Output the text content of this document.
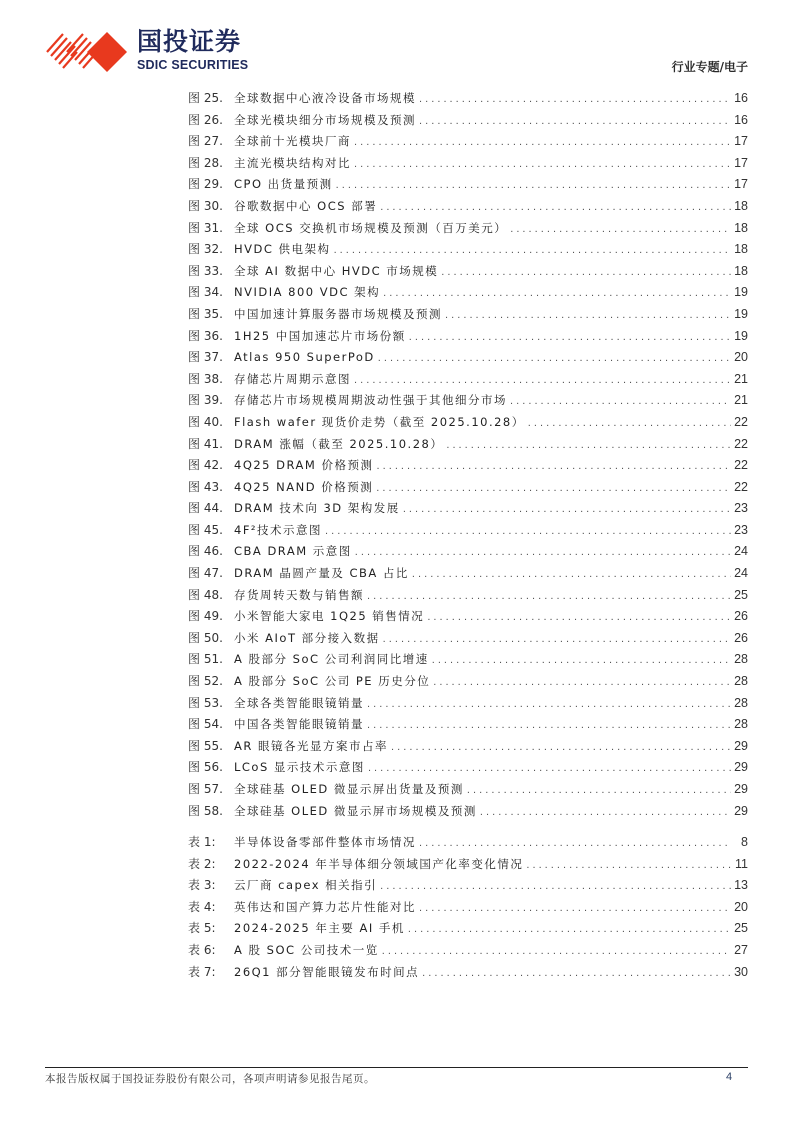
国投证券
SDIC SECURITIES	行业专题/电子
图 25. 全球数据中心液冷设备市场规模 . . .	16
图 26. 全球光模块细分市场规模及预测 . . .	16
图 27. 全球前十光模块厂商 . . .	17
图 28. 主流光模块结构对比 . . .	17
图 29. CPO 出货量预测 . . .	17
图 30. 谷歌数据中心 OCS 部署 . . .	18
图 31. 全球 OCS 交换机市场规模及预测（百万美元） . . .	18
图 32. HVDC 供电架构 . . .	18
图 33. 全球 AI 数据中心 HVDC 市场规模 . . .	18
图 34. NVIDIA 800 VDC 架构 . . .	19
图 35. 中国加速计算服务器市场规模及预测 . . .	19
图 36. 1H25 中国加速芯片市场份额 . . .	19
图 37. Atlas 950 SuperPoD . . .	20
图 38. 存储芯片周期示意图 . . .	21
图 39. 存储芯片市场规模周期波动性强于其他细分市场 . . .	21
图 40. Flash wafer 现货价走势（截至 2025.10.28） . . .	22
图 41. DRAM 涨幅（截至 2025.10.28） . . .	22
图 42. 4Q25 DRAM 价格预测 . . .	22
图 43. 4Q25 NAND 价格预测 . . .	22
图 44. DRAM 技术向 3D 架构发展 . . .	23
图 45. 4F²技术示意图 . . .	23
图 46. CBA DRAM 示意图 . . .	24
图 47. DRAM 晶圆产量及 CBA 占比 . . .	24
图 48. 存货周转天数与销售额 . . .	25
图 49. 小米智能大家电 1Q25 销售情况 . . .	26
图 50. 小米 AIoT 部分接入数据 . . .	26
图 51. A 股部分 SoC 公司利润同比增速 . . .	28
图 52. A 股部分 SoC 公司 PE 历史分位 . . .	28
图 53. 全球各类智能眼镜销量 . . .	28
图 54. 中国各类智能眼镜销量 . . .	28
图 55. AR 眼镜各光显方案市占率 . . .	29
图 56. LCoS 显示技术示意图 . . .	29
图 57. 全球硅基 OLED 微显示屏出货量及预测 . . .	29
图 58. 全球硅基 OLED 微显示屏市场规模及预测 . . .	29
表 1:	半导体设备零部件整体市场情况 . . .	8
表 2:	2022-2024 年半导体细分领域国产化率变化情况 . . .	11
表 3:	云厂商 capex 相关指引 . . .	13
表 4:	英伟达和国产算力芯片性能对比 . . .	20
表 5:	2024-2025 年主要 AI 手机 . . .	25
表 6:	A 股 SOC 公司技术一览 . . .	27
表 7:	26Q1 部分智能眼镜发布时间点 . . .	30
本报告版权属于国投证券股份有限公司，各项声明请参见报告尾页。	4
